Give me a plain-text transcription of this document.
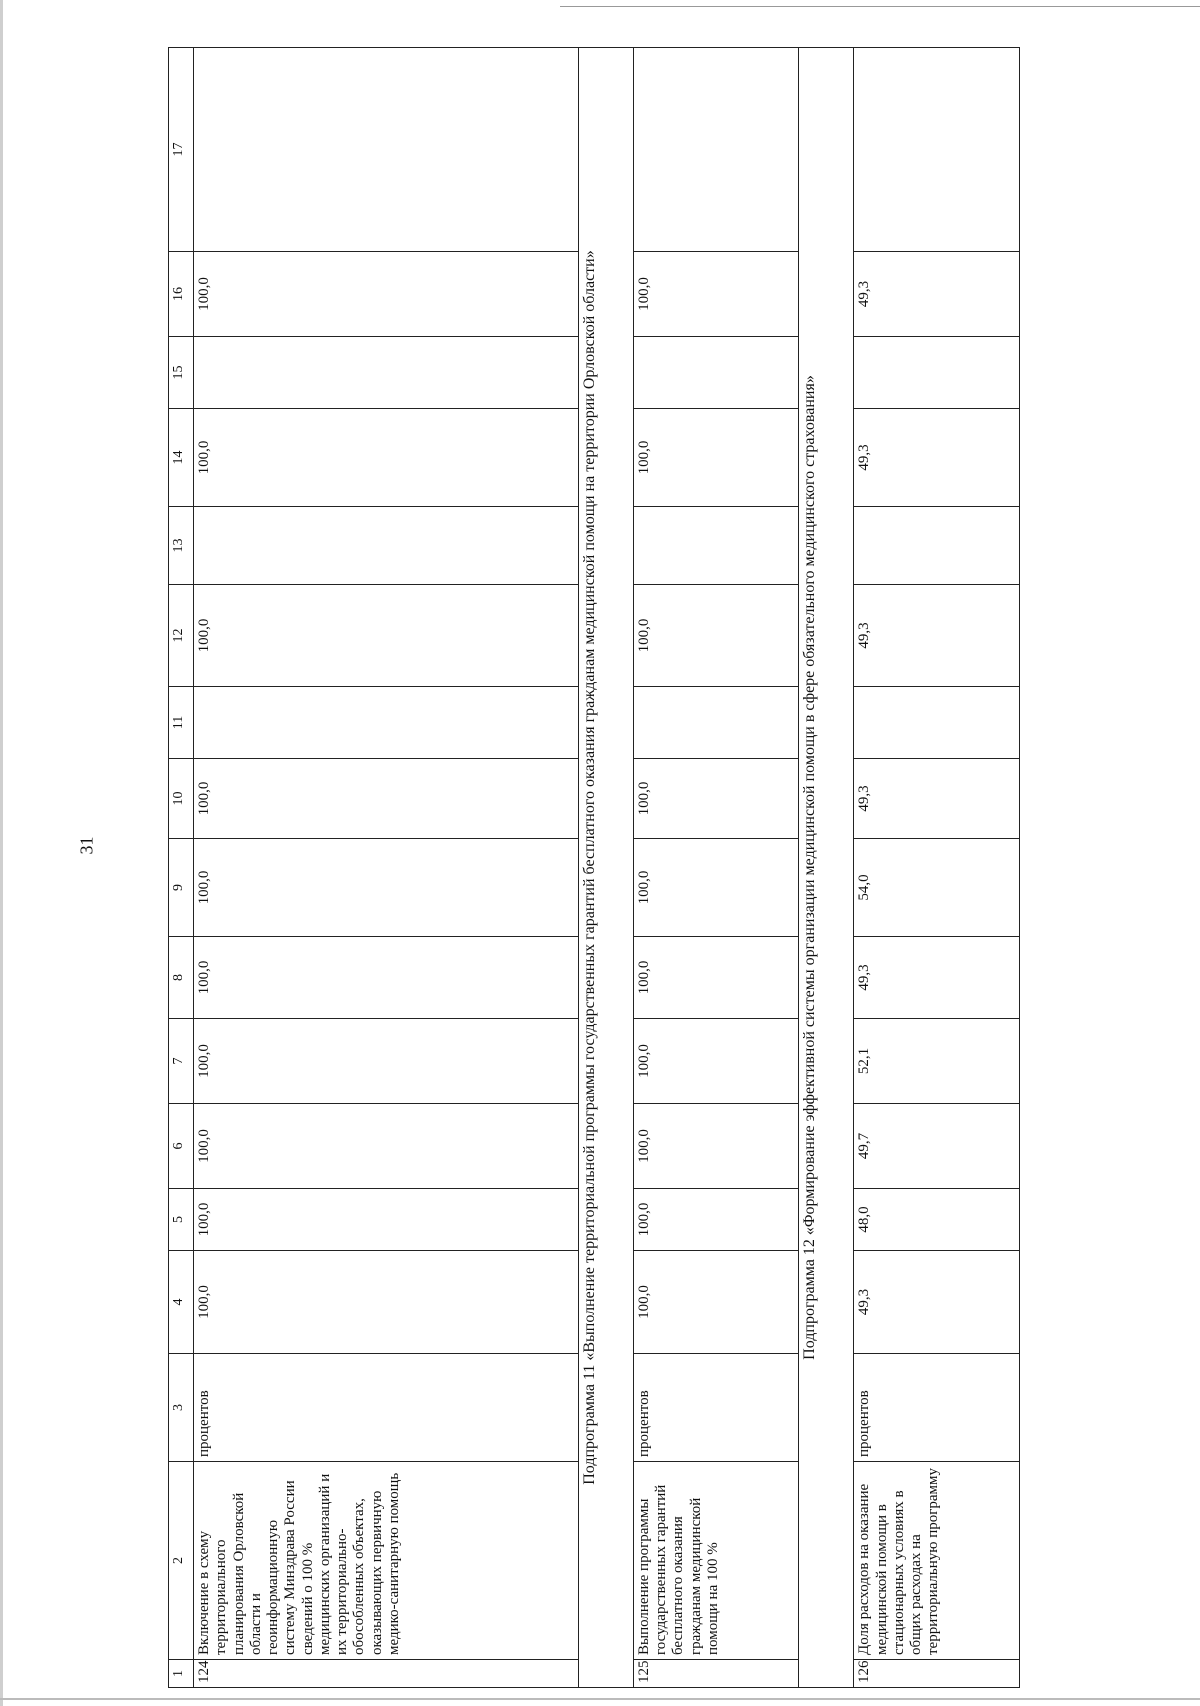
31
1	2	3	4	5	6	7	8	9	10	11	12	13	14	15	16	17
124	Включение в схему территориального планирования Орловской области и геоинформационную систему Минздрава России сведений о 100 % медицинских организаций и их территориально-обособленных объектах, оказывающих первичную медико-санитарную помощь	процентов	100,0	100,0	100,0	100,0	100,0	100,0	100,0		100,0		100,0		100,0	
Подпрограмма 11 «Выполнение территориальной программы государственных гарантий бесплатного оказания гражданам медицинской помощи на территории Орловской области»																
125	Выполнение программы государственных гарантий бесплатного оказания гражданам медицинской помощи на 100 %	процентов	100,0	100,0	100,0	100,0	100,0	100,0	100,0		100,0		100,0		100,0	
Подпрограмма 12 «Формирование эффективной системы организации медицинской помощи в сфере обязательного медицинского страхования»																
126	Доля расходов на оказание медицинской помощи в стационарных условиях в общих расходах на территориальную программу	процентов	49,3	48,0	49,7	52,1	49,3	54,0	49,3		49,3		49,3		49,3	
